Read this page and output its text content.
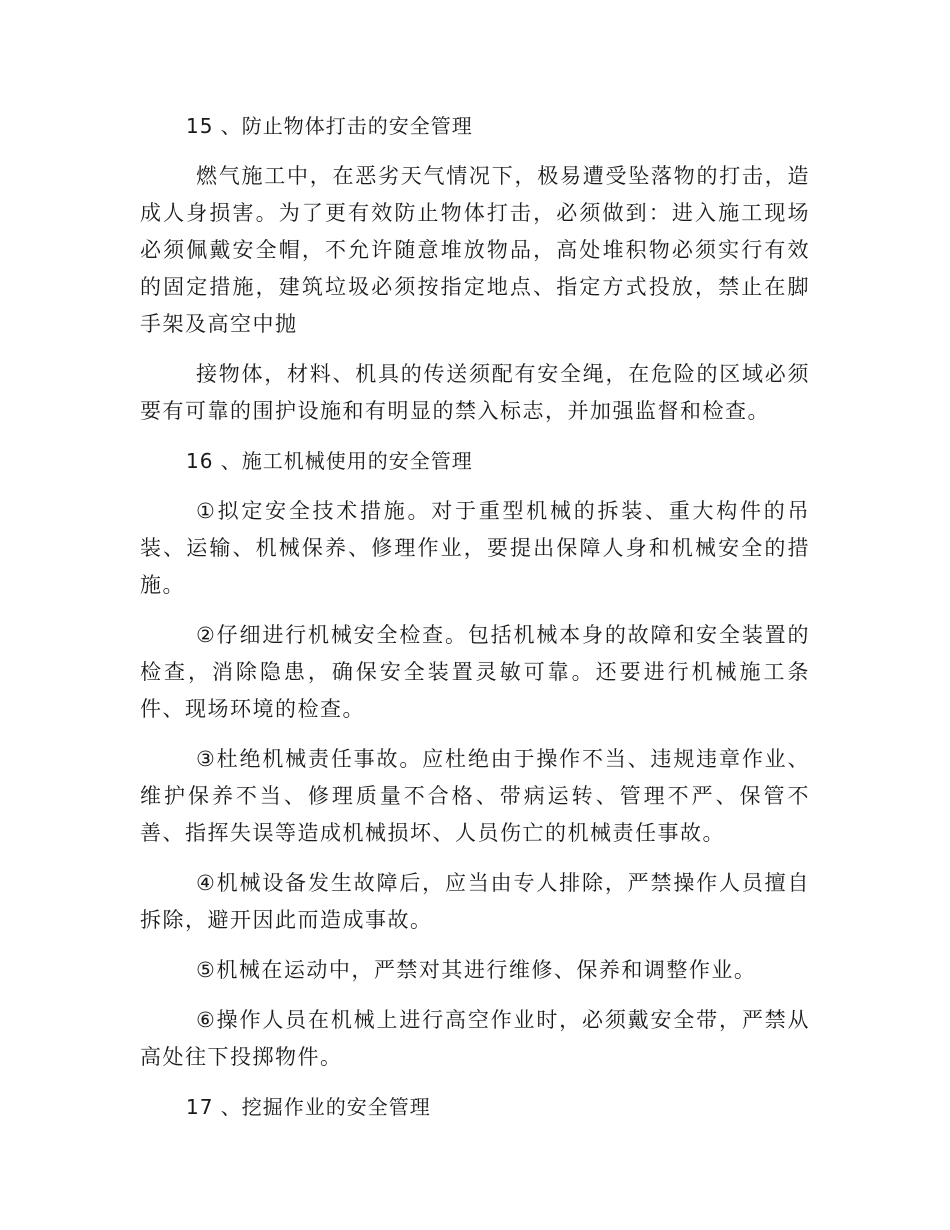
15 、防止物体打击的安全管理

燃气施工中，在恶劣天气情况下，极易遭受坠落物的打击，造成人身损害。为了更有效防止物体打击，必须做到：进入施工现场必须佩戴安全帽，不允许随意堆放物品，高处堆积物必须实行有效的固定措施，建筑垃圾必须按指定地点、指定方式投放，禁止在脚手架及高空中抛

接物体，材料、机具的传送须配有安全绳，在危险的区域必须要有可靠的围护设施和有明显的禁入标志，并加强监督和检查。

16 、施工机械使用的安全管理

①拟定安全技术措施。对于重型机械的拆装、重大构件的吊装、运输、机械保养、修理作业，要提出保障人身和机械安全的措施。

②仔细进行机械安全检查。包括机械本身的故障和安全装置的检查，消除隐患，确保安全装置灵敏可靠。还要进行机械施工条件、现场环境的检查。

③杜绝机械责任事故。应杜绝由于操作不当、违规违章作业、维护保养不当、修理质量不合格、带病运转、管理不严、保管不善、指挥失误等造成机械损坏、人员伤亡的机械责任事故。

④机械设备发生故障后，应当由专人排除，严禁操作人员擅自拆除，避开因此而造成事故。

⑤机械在运动中，严禁对其进行维修、保养和调整作业。

⑥操作人员在机械上进行高空作业时，必须戴安全带，严禁从高处往下投掷物件。

17 、挖掘作业的安全管理
